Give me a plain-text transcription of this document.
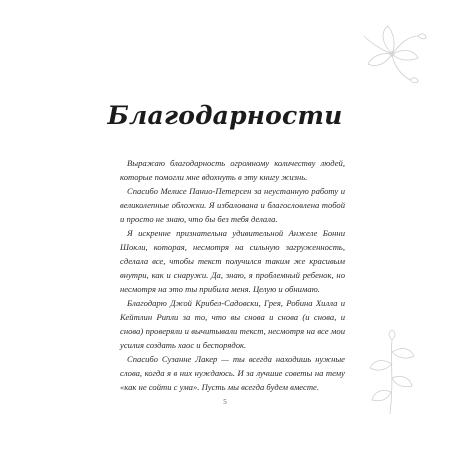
Благодарности

Выражаю благодарность огромному количеству людей, которые помогли мне вдохнуть в эту книгу жизнь.

Спасибо Мелисе Панио-Петерсен за неустанную работу и великолепные обложки. Я избалована и благословлена тобой и просто не знаю, что бы без тебя делала.

Я искренне признательна удивительной Анжеле Бонни Шокли, которая, несмотря на сильную загруженность, сделала все, чтобы текст получился таким же красивым внутри, как и снаружи. Да, знаю, я проблемный ребенок, но несмотря на это ты прибила меня. Целую и обнимаю.

Благодарю Джой Крибел-Садовски, Грея, Робина Хилла и Кейтлин Рипли за то, что вы снова и снова (и снова, и снова) проверяли и вычитывали текст, несмотря на все мои усилия создать хаос и беспорядок.

Спасибо Сузанне Лакер — ты всегда находишь нужные слова, когда я в них нуждаюсь. И за лучшие советы на тему «как не сойти с ума». Пусть мы всегда будем вместе.

5
